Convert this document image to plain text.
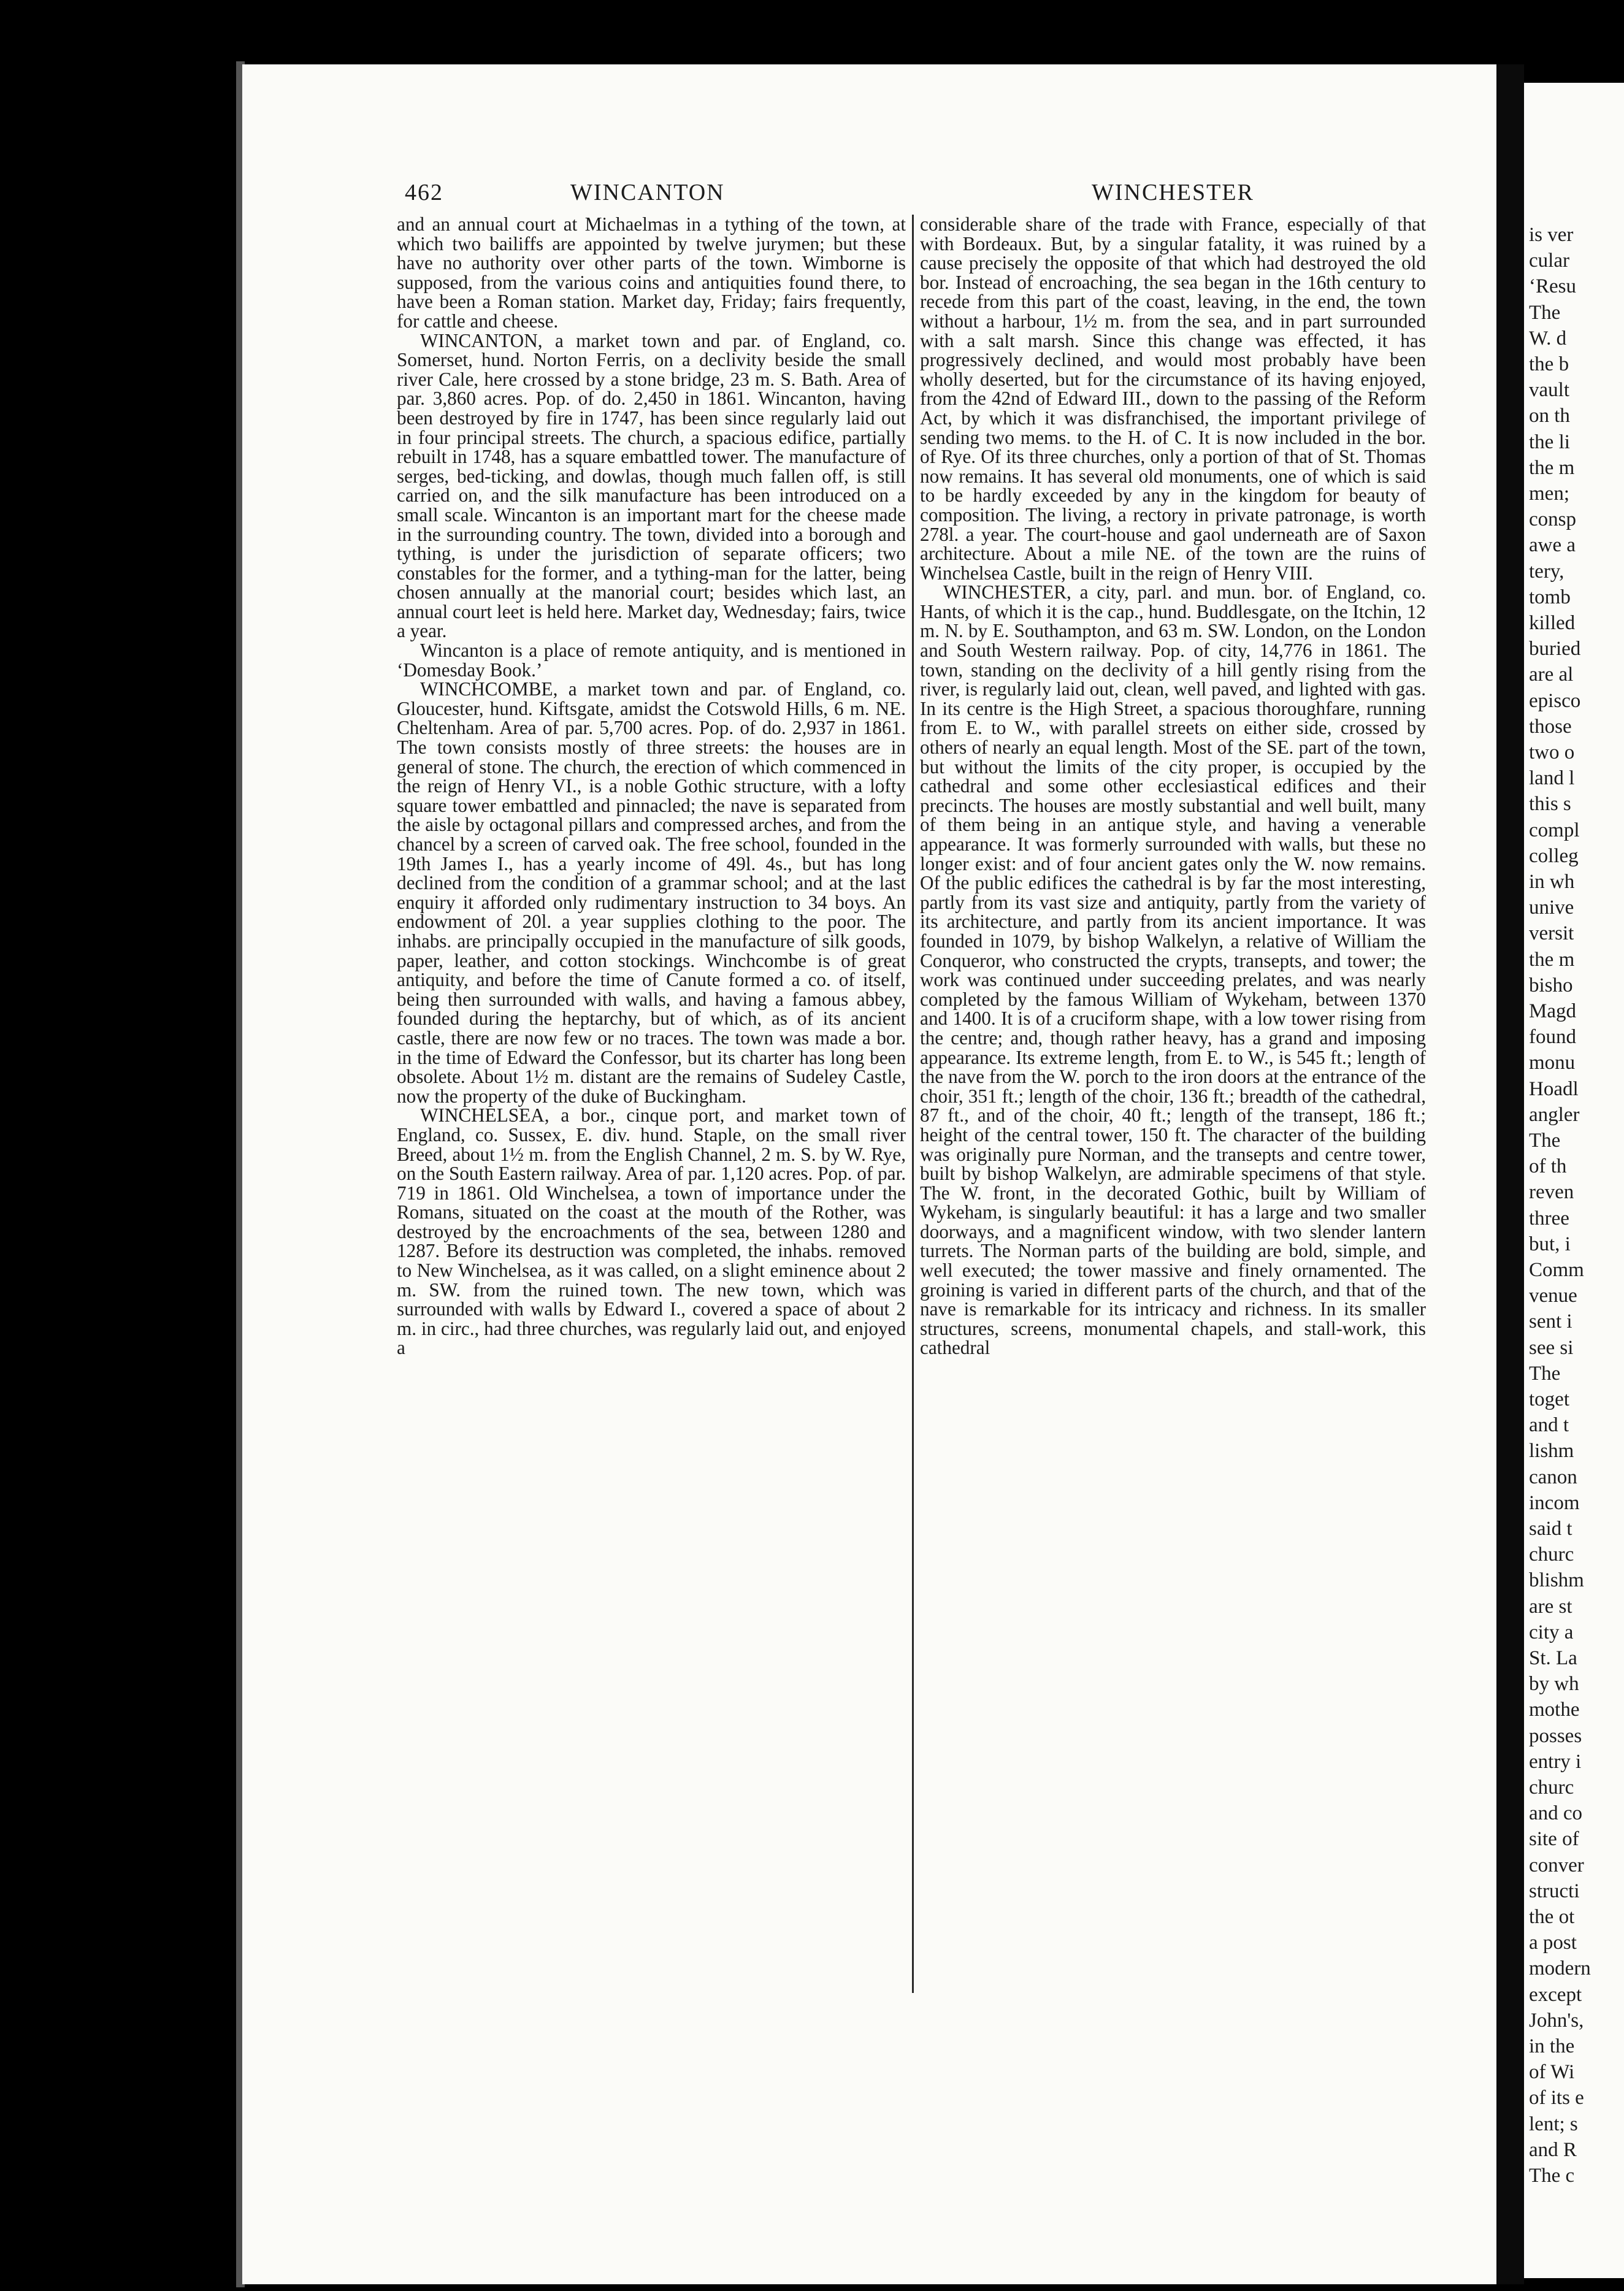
462	WINCANTON	WINCHESTER

and an annual court at Michaelmas in a tything of the town, at which two bailiffs are appointed by twelve jurymen; but these have no authority over other parts of the town. Wimborne is supposed, from the various coins and antiquities found there, to have been a Roman station. Market day, Friday; fairs frequently, for cattle and cheese.

WINCANTON, a market town and par. of England, co. Somerset, hund. Norton Ferris, on a declivity beside the small river Cale, here crossed by a stone bridge, 23 m. S. Bath. Area of par. 3,860 acres. Pop. of do. 2,450 in 1861. Wincanton, having been destroyed by fire in 1747, has been since regularly laid out in four principal streets. The church, a spacious edifice, partially rebuilt in 1748, has a square embattled tower. The manufacture of serges, bed-ticking, and dowlas, though much fallen off, is still carried on, and the silk manufacture has been introduced on a small scale. Wincanton is an important mart for the cheese made in the surrounding country. The town, divided into a borough and tything, is under the jurisdiction of separate officers; two constables for the former, and a tything-man for the latter, being chosen annually at the manorial court; besides which last, an annual court leet is held here. Market day, Wednesday; fairs, twice a year.

Wincanton is a place of remote antiquity, and is mentioned in ‘Domesday Book.’

WINCHCOMBE, a market town and par. of England, co. Gloucester, hund. Kiftsgate, amidst the Cotswold Hills, 6 m. NE. Cheltenham. Area of par. 5,700 acres. Pop. of do. 2,937 in 1861. The town consists mostly of three streets: the houses are in general of stone. The church, the erection of which commenced in the reign of Henry VI., is a noble Gothic structure, with a lofty square tower embattled and pinnacled; the nave is separated from the aisle by octagonal pillars and compressed arches, and from the chancel by a screen of carved oak. The free school, founded in the 19th James I., has a yearly income of 49l. 4s., but has long declined from the condition of a grammar school; and at the last enquiry it afforded only rudimentary instruction to 34 boys. An endowment of 20l. a year supplies clothing to the poor. The inhabs. are principally occupied in the manufacture of silk goods, paper, leather, and cotton stockings. Winchcombe is of great antiquity, and before the time of Canute formed a co. of itself, being then surrounded with walls, and having a famous abbey, founded during the heptarchy, but of which, as of its ancient castle, there are now few or no traces. The town was made a bor. in the time of Edward the Confessor, but its charter has long been obsolete. About 1½ m. distant are the remains of Sudeley Castle, now the property of the duke of Buckingham.

WINCHELSEA, a bor., cinque port, and market town of England, co. Sussex, E. div. hund. Staple, on the small river Breed, about 1½ m. from the English Channel, 2 m. S. by W. Rye, on the South Eastern railway. Area of par. 1,120 acres. Pop. of par. 719 in 1861. Old Winchelsea, a town of importance under the Romans, situated on the coast at the mouth of the Rother, was destroyed by the encroachments of the sea, between 1280 and 1287. Before its destruction was completed, the inhabs. removed to New Winchelsea, as it was called, on a slight eminence about 2 m. SW. from the ruined town. The new town, which was surrounded with walls by Edward I., covered a space of about 2 m. in circ., had three churches, was regularly laid out, and enjoyed a

considerable share of the trade with France, especially of that with Bordeaux. But, by a singular fatality, it was ruined by a cause precisely the opposite of that which had destroyed the old bor. Instead of encroaching, the sea began in the 16th century to recede from this part of the coast, leaving, in the end, the town without a harbour, 1½ m. from the sea, and in part surrounded with a salt marsh. Since this change was effected, it has progressively declined, and would most probably have been wholly deserted, but for the circumstance of its having enjoyed, from the 42nd of Edward III., down to the passing of the Reform Act, by which it was disfranchised, the important privilege of sending two mems. to the H. of C. It is now included in the bor. of Rye. Of its three churches, only a portion of that of St. Thomas now remains. It has several old monuments, one of which is said to be hardly exceeded by any in the kingdom for beauty of composition. The living, a rectory in private patronage, is worth 278l. a year. The court-house and gaol underneath are of Saxon architecture. About a mile NE. of the town are the ruins of Winchelsea Castle, built in the reign of Henry VIII.

WINCHESTER, a city, parl. and mun. bor. of England, co. Hants, of which it is the cap., hund. Buddlesgate, on the Itchin, 12 m. N. by E. Southampton, and 63 m. SW. London, on the London and South Western railway. Pop. of city, 14,776 in 1861. The town, standing on the declivity of a hill gently rising from the river, is regularly laid out, clean, well paved, and lighted with gas. In its centre is the High Street, a spacious thoroughfare, running from E. to W., with parallel streets on either side, crossed by others of nearly an equal length. Most of the SE. part of the town, but without the limits of the city proper, is occupied by the cathedral and some other ecclesiastical edifices and their precincts. The houses are mostly substantial and well built, many of them being in an antique style, and having a venerable appearance. It was formerly surrounded with walls, but these no longer exist: and of four ancient gates only the W. now remains. Of the public edifices the cathedral is by far the most interesting, partly from its vast size and antiquity, partly from the variety of its architecture, and partly from its ancient importance. It was founded in 1079, by bishop Walkelyn, a relative of William the Conqueror, who constructed the crypts, transepts, and tower; the work was continued under succeeding prelates, and was nearly completed by the famous William of Wykeham, between 1370 and 1400. It is of a cruciform shape, with a low tower rising from the centre; and, though rather heavy, has a grand and imposing appearance. Its extreme length, from E. to W., is 545 ft.; length of the nave from the W. porch to the iron doors at the entrance of the choir, 351 ft.; length of the choir, 136 ft.; breadth of the cathedral, 87 ft., and of the choir, 40 ft.; length of the transept, 186 ft.; height of the central tower, 150 ft. The character of the building was originally pure Norman, and the transepts and centre tower, built by bishop Walkelyn, are admirable specimens of that style. The W. front, in the decorated Gothic, built by William of Wykeham, is singularly beautiful: it has a large and two smaller doorways, and a magnificent window, with two slender lantern turrets. The Norman parts of the building are bold, simple, and well executed; the tower massive and finely ornamented. The groining is varied in different parts of the church, and that of the nave is remarkable for its intricacy and richness. In its smaller structures, screens, monumental chapels, and stall-work, this cathedral

is ver
cular
‘Resu
The
W. d
the b
vault
on th
the li
the m
men;
consp
awe a
tery,
tomb
killed
buried
are al
episco
those
two o
land l
this s
compl
colleg
in wh
unive
versit
the m
bisho
Magd
found
monu
Hoadl
angler
The
of th
reven
three
but, i
Comm
venue
sent i
see si
The
toget
and t
lishm
canon
incom
said t
churc
blishm
are st
city a
St. La
by wh
mothe
posses
entry i
churc
and co
site of
conver
structi
the ot
a post
modern
except
John's,
in the
of Wi
of its e
lent; s
and R
The c
